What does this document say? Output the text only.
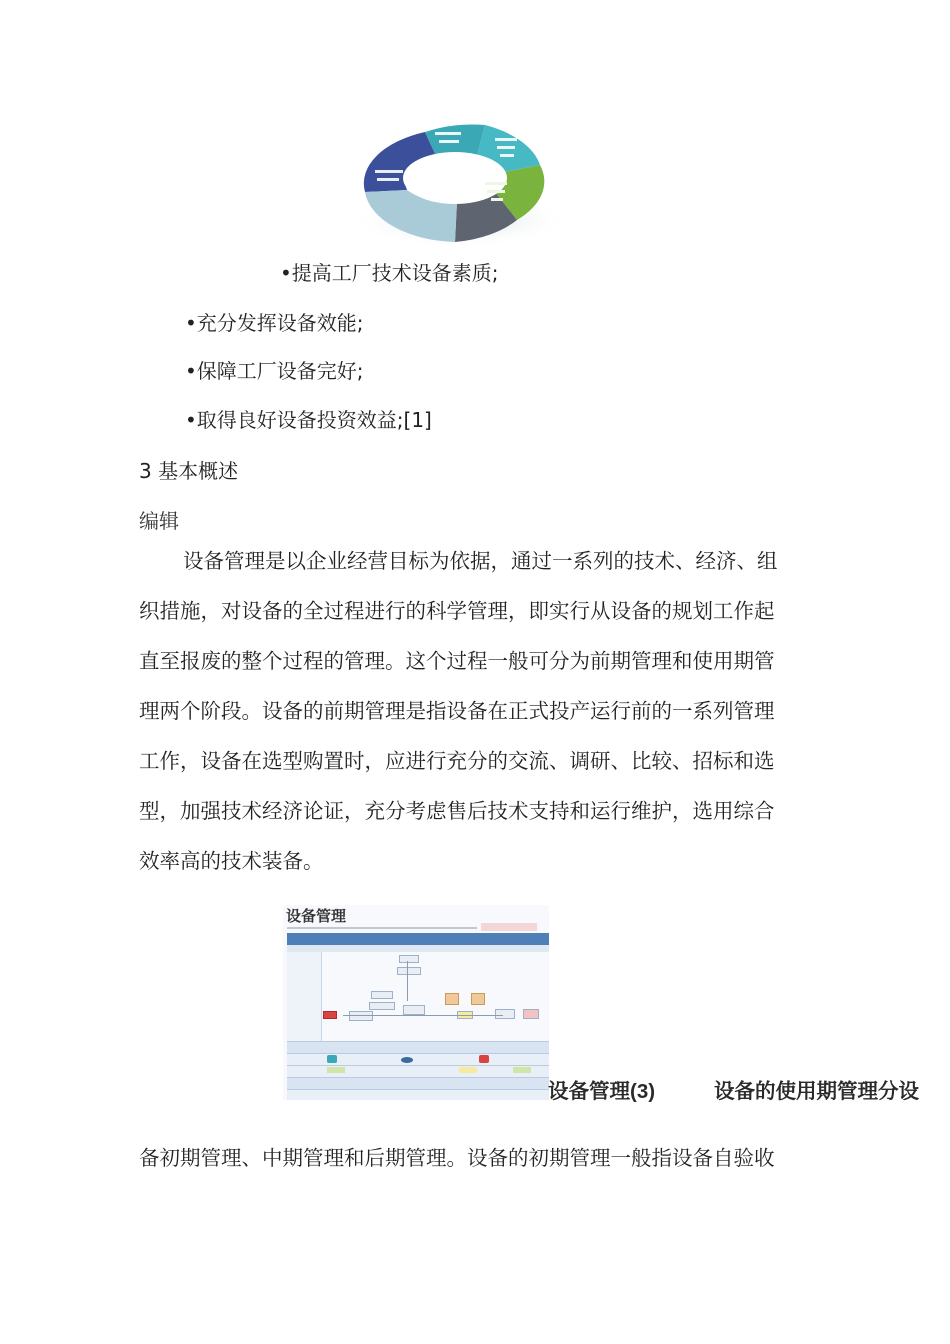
•提高工厂技术设备素质;
•充分发挥设备效能;
•保障工厂设备完好;
•取得良好设备投资效益;[1]
3 基本概述
编辑
设备管理是以企业经营目标为依据，通过一系列的技术、经济、组
织措施，对设备的全过程进行的科学管理，即实行从设备的规划工作起
直至报废的整个过程的管理。这个过程一般可分为前期管理和使用期管
理两个阶段。设备的前期管理是指设备在正式投产运行前的一系列管理
工作，设备在选型购置时，应进行充分的交流、调研、比较、招标和选
型，加强技术经济论证，充分考虑售后技术支持和运行维护，选用综合
效率高的技术装备。
设备管理
设备管理(3)	设备的使用期管理分设
备初期管理、中期管理和后期管理。设备的初期管理一般指设备自验收
